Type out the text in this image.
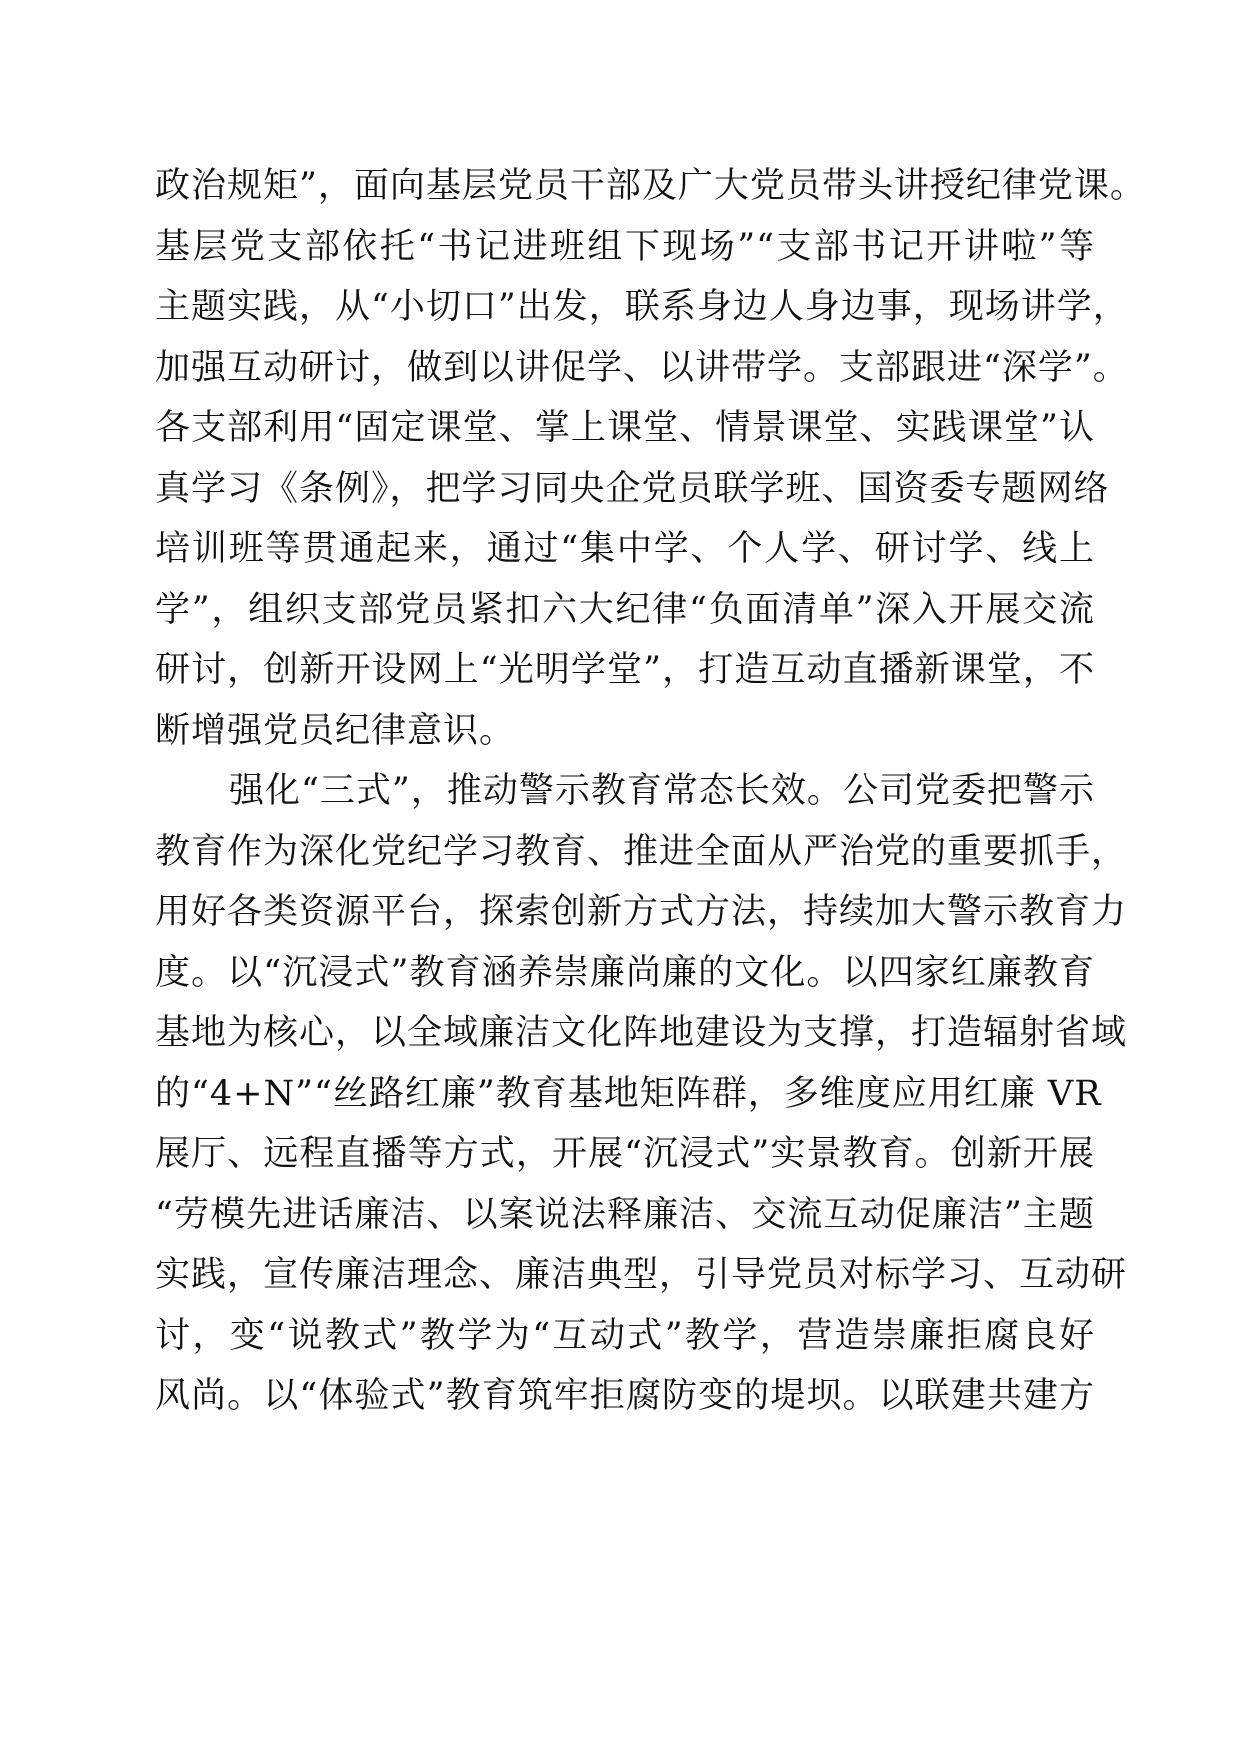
政治规矩”，面向基层党员干部及广大党员带头讲授纪律党课。
基层党支部依托“书记进班组下现场”“支部书记开讲啦”等
主题实践，从“小切口”出发，联系身边人身边事，现场讲学，
加强互动研讨，做到以讲促学、以讲带学。支部跟进“深学”。
各支部利用“固定课堂、掌上课堂、情景课堂、实践课堂”认
真学习《条例》，把学习同央企党员联学班、国资委专题网络
培训班等贯通起来，通过“集中学、个人学、研讨学、线上
学”，组织支部党员紧扣六大纪律“负面清单”深入开展交流
研讨，创新开设网上“光明学堂”，打造互动直播新课堂，不
断增强党员纪律意识。
强化“三式”，推动警示教育常态长效。公司党委把警示
教育作为深化党纪学习教育、推进全面从严治党的重要抓手，
用好各类资源平台，探索创新方式方法，持续加大警示教育力
度。以“沉浸式”教育涵养崇廉尚廉的文化。以四家红廉教育
基地为核心，以全域廉洁文化阵地建设为支撑，打造辐射省域
的“4+N”“丝路红廉”教育基地矩阵群，多维度应用红廉 VR
展厅、远程直播等方式，开展“沉浸式”实景教育。创新开展
“劳模先进话廉洁、以案说法释廉洁、交流互动促廉洁”主题
实践，宣传廉洁理念、廉洁典型，引导党员对标学习、互动研
讨，变“说教式”教学为“互动式”教学，营造崇廉拒腐良好
风尚。以“体验式”教育筑牢拒腐防变的堤坝。以联建共建方
